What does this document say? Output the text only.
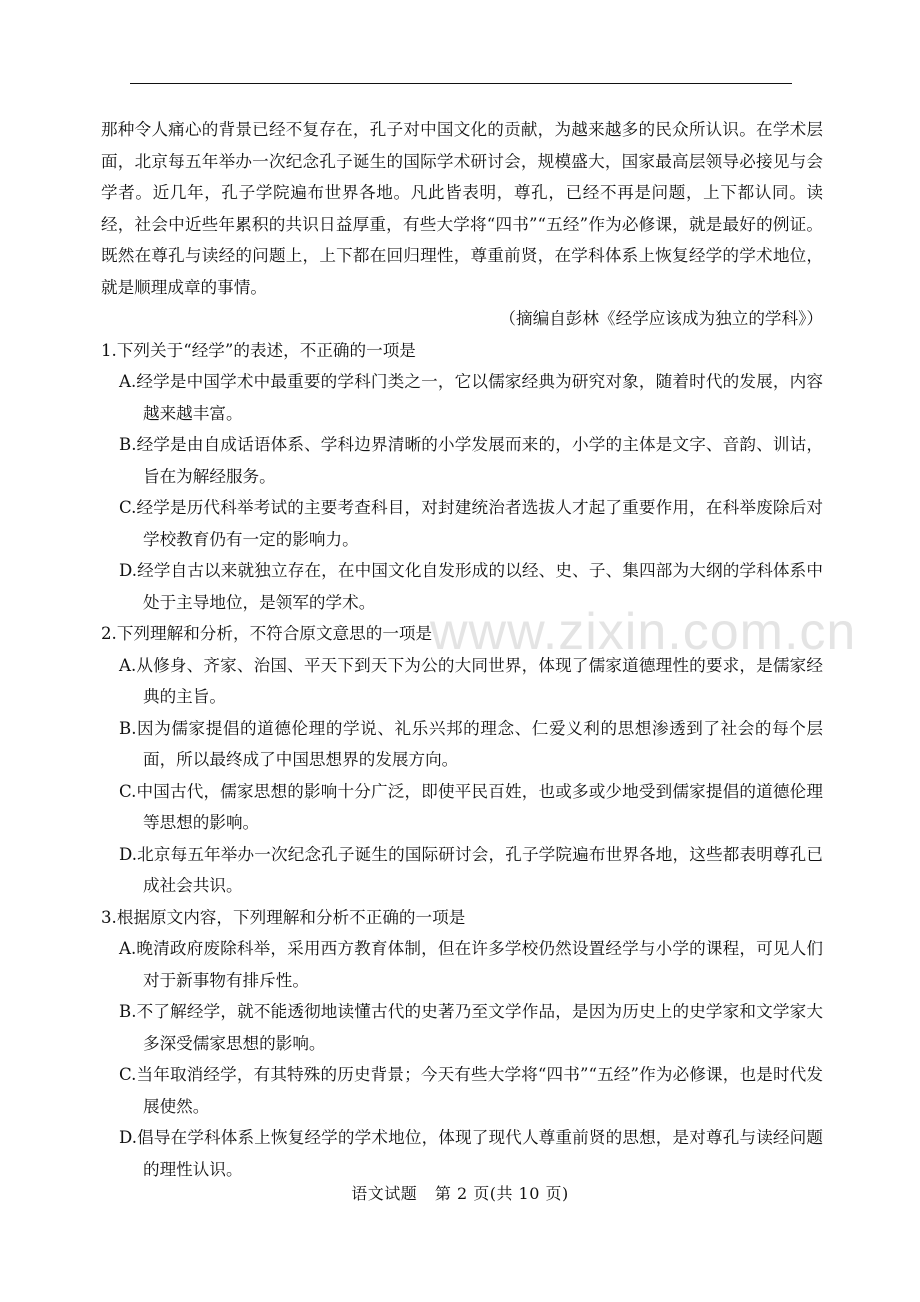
www.zixin.com.cn

那种令人痛心的背景已经不复存在，孔子对中国文化的贡献，为越来越多的民众所认识。在学术层面，北京每五年举办一次纪念孔子诞生的国际学术研讨会，规模盛大，国家最高层领导必接见与会学者。近几年，孔子学院遍布世界各地。凡此皆表明，尊孔，已经不再是问题，上下都认同。读经，社会中近些年累积的共识日益厚重，有些大学将“四书”“五经”作为必修课，就是最好的例证。既然在尊孔与读经的问题上，上下都在回归理性，尊重前贤，在学科体系上恢复经学的学术地位，就是顺理成章的事情。

（摘编自彭林《经学应该成为独立的学科》）

1.下列关于“经学”的表述，不正确的一项是

A.经学是中国学术中最重要的学科门类之一，它以儒家经典为研究对象，随着时代的发展，内容越来越丰富。

B.经学是由自成话语体系、学科边界清晰的小学发展而来的，小学的主体是文字、音韵、训诂，旨在为解经服务。

C.经学是历代科举考试的主要考查科目，对封建统治者选拔人才起了重要作用，在科举废除后对学校教育仍有一定的影响力。

D.经学自古以来就独立存在，在中国文化自发形成的以经、史、子、集四部为大纲的学科体系中处于主导地位，是领军的学术。

2.下列理解和分析，不符合原文意思的一项是

A.从修身、齐家、治国、平天下到天下为公的大同世界，体现了儒家道德理性的要求，是儒家经典的主旨。

B.因为儒家提倡的道德伦理的学说、礼乐兴邦的理念、仁爱义利的思想渗透到了社会的每个层面，所以最终成了中国思想界的发展方向。

C.中国古代，儒家思想的影响十分广泛，即使平民百姓，也或多或少地受到儒家提倡的道德伦理等思想的影响。

D.北京每五年举办一次纪念孔子诞生的国际研讨会，孔子学院遍布世界各地，这些都表明尊孔已成社会共识。

3.根据原文内容，下列理解和分析不正确的一项是

A.晚清政府废除科举，采用西方教育体制，但在许多学校仍然设置经学与小学的课程，可见人们对于新事物有排斥性。

B.不了解经学，就不能透彻地读懂古代的史著乃至文学作品，是因为历史上的史学家和文学家大多深受儒家思想的影响。

C.当年取消经学，有其特殊的历史背景；今天有些大学将“四书”“五经”作为必修课，也是时代发展使然。

D.倡导在学科体系上恢复经学的学术地位，体现了现代人尊重前贤的思想，是对尊孔与读经问题的理性认识。

语文试题 第 2 页(共 10 页)
